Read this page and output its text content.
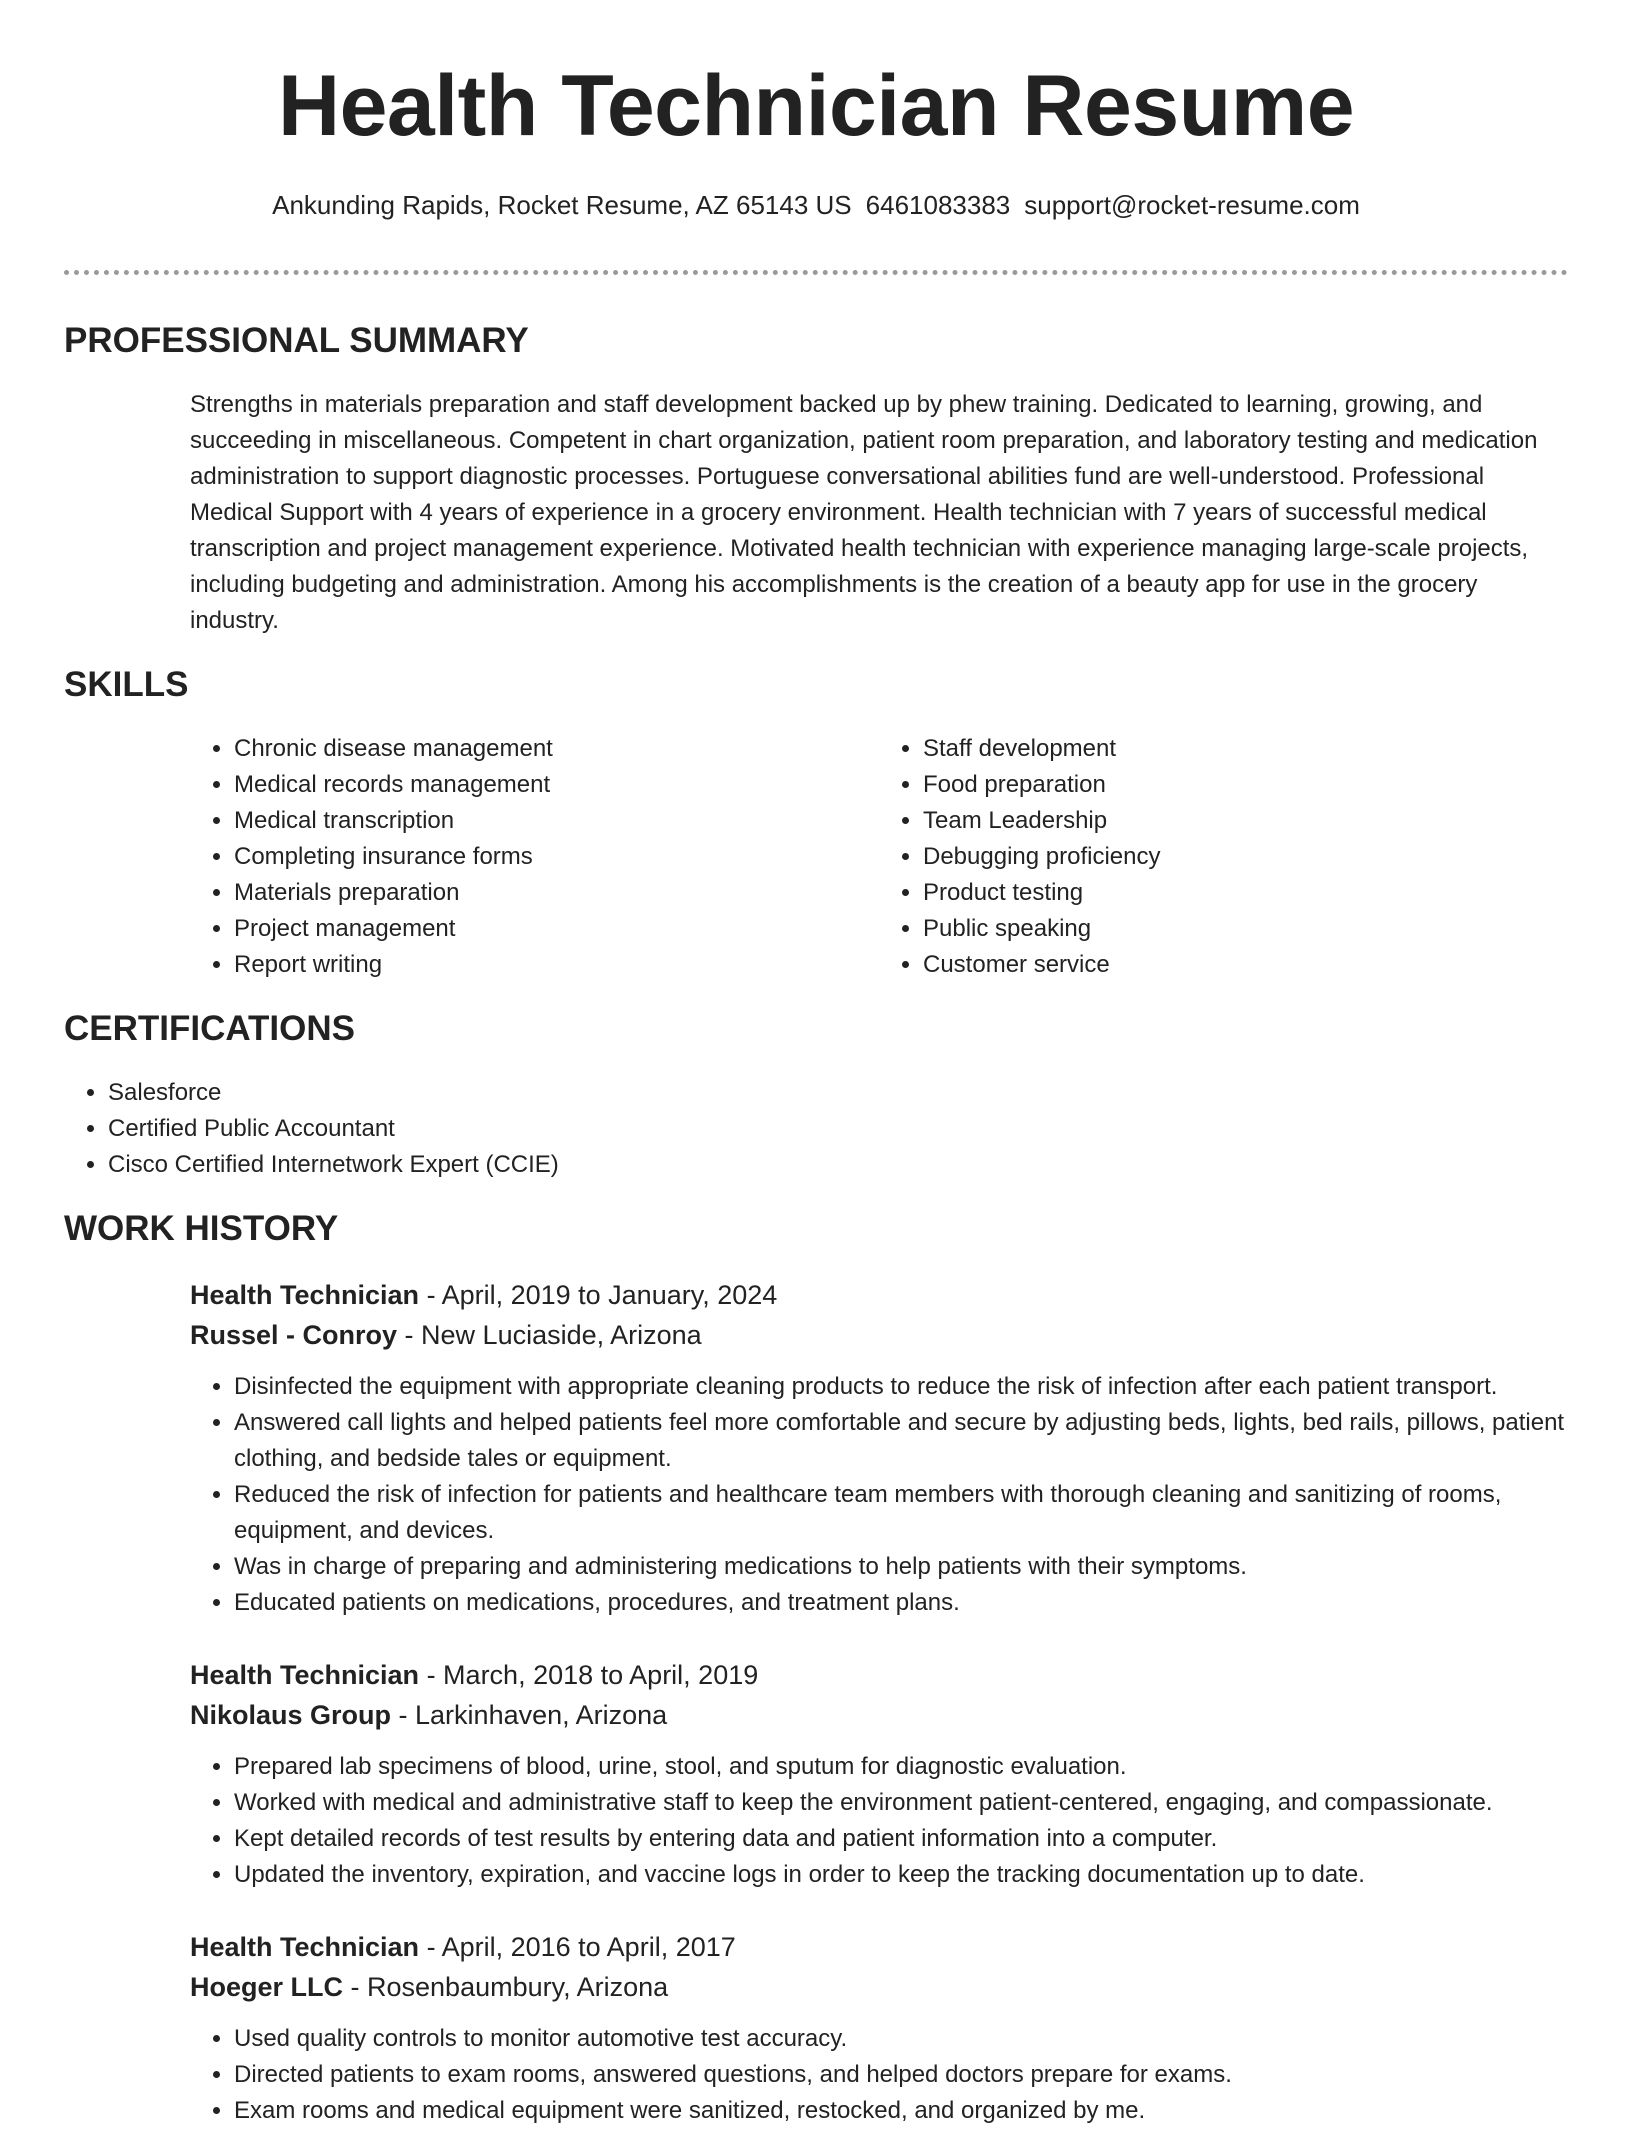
Health Technician Resume
Ankunding Rapids, Rocket Resume, AZ 65143 US 6461083383 support@rocket-resume.com
PROFESSIONAL SUMMARY

Strengths in materials preparation and staff development backed up by phew training. Dedicated to learning, growing, and succeeding in miscellaneous. Competent in chart organization, patient room preparation, and laboratory testing and medication administration to support diagnostic processes. Portuguese conversational abilities fund are well-understood. Professional Medical Support with 4 years of experience in a grocery environment. Health technician with 7 years of successful medical transcription and project management experience. Motivated health technician with experience managing large-scale projects, including budgeting and administration. Among his accomplishments is the creation of a beauty app for use in the grocery industry.

SKILLS
• Chronic disease management
• Medical records management
• Medical transcription
• Completing insurance forms
• Materials preparation
• Project management
• Report writing
• Staff development
• Food preparation
• Team Leadership
• Debugging proficiency
• Product testing
• Public speaking
• Customer service
CERTIFICATIONS
• Salesforce
• Certified Public Accountant
• Cisco Certified Internetwork Expert (CCIE)
WORK HISTORY
Health Technician - April, 2019 to January, 2024
Russel - Conroy - New Luciaside, Arizona
• Disinfected the equipment with appropriate cleaning products to reduce the risk of infection after each patient transport.
• Answered call lights and helped patients feel more comfortable and secure by adjusting beds, lights, bed rails, pillows, patient clothing, and bedside tales or equipment.
• Reduced the risk of infection for patients and healthcare team members with thorough cleaning and sanitizing of rooms, equipment, and devices.
• Was in charge of preparing and administering medications to help patients with their symptoms.
• Educated patients on medications, procedures, and treatment plans.
Health Technician - March, 2018 to April, 2019
Nikolaus Group - Larkinhaven, Arizona
• Prepared lab specimens of blood, urine, stool, and sputum for diagnostic evaluation.
• Worked with medical and administrative staff to keep the environment patient-centered, engaging, and compassionate.
• Kept detailed records of test results by entering data and patient information into a computer.
• Updated the inventory, expiration, and vaccine logs in order to keep the tracking documentation up to date.
Health Technician - April, 2016 to April, 2017
Hoeger LLC - Rosenbaumbury, Arizona
• Used quality controls to monitor automotive test accuracy.
• Directed patients to exam rooms, answered questions, and helped doctors prepare for exams.
• Exam rooms and medical equipment were sanitized, restocked, and organized by me.
